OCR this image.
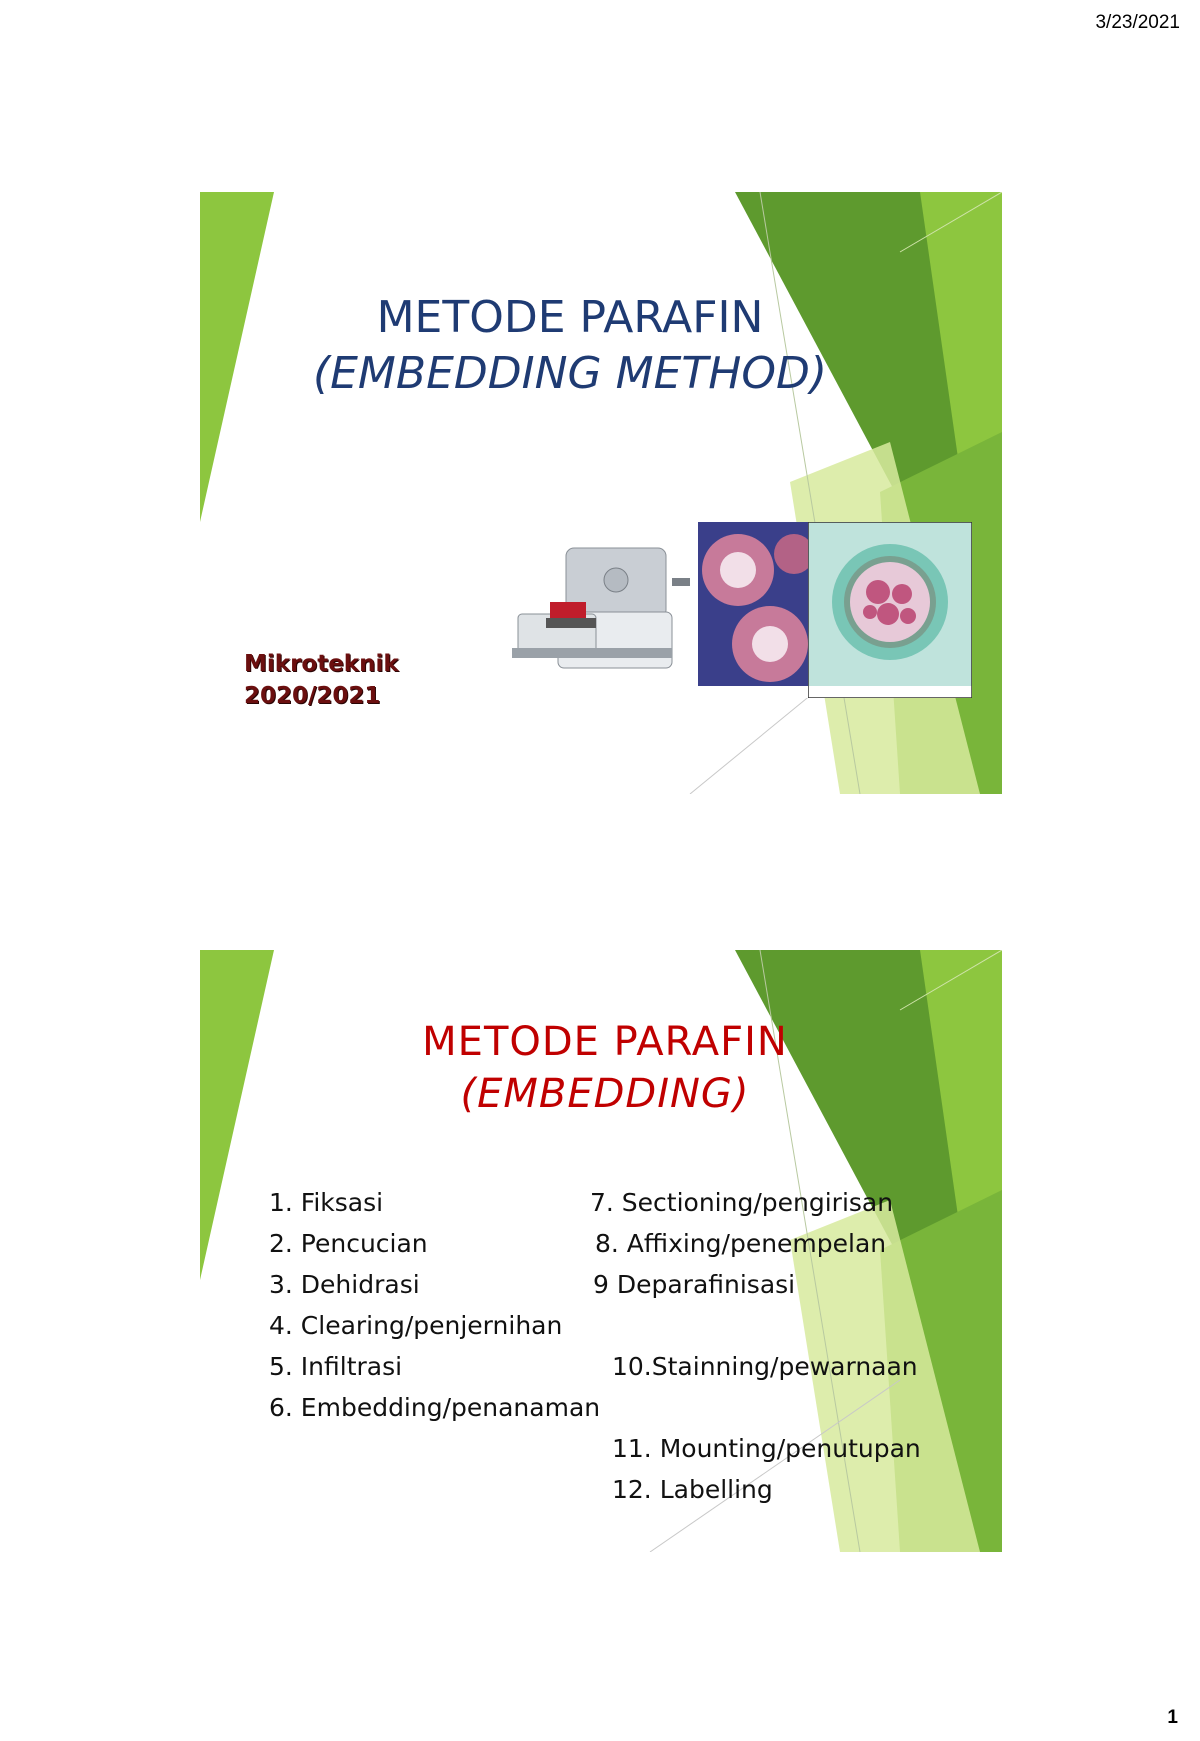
3/23/2021
METODE PARAFIN
(EMBEDDING METHOD)
Mikroteknik
2020/2021
METODE PARAFIN
(EMBEDDING)
1. Fiksasi
2. Pencucian
3. Dehidrasi
4. Clearing/penjernihan
5. Infiltrasi
6. Embedding/penanaman
7. Sectioning/pengirisan
8. Affixing/penempelan
9 Deparafinisasi
10.Stainning/pewarnaan
11. Mounting/penutupan
12. Labelling
1
